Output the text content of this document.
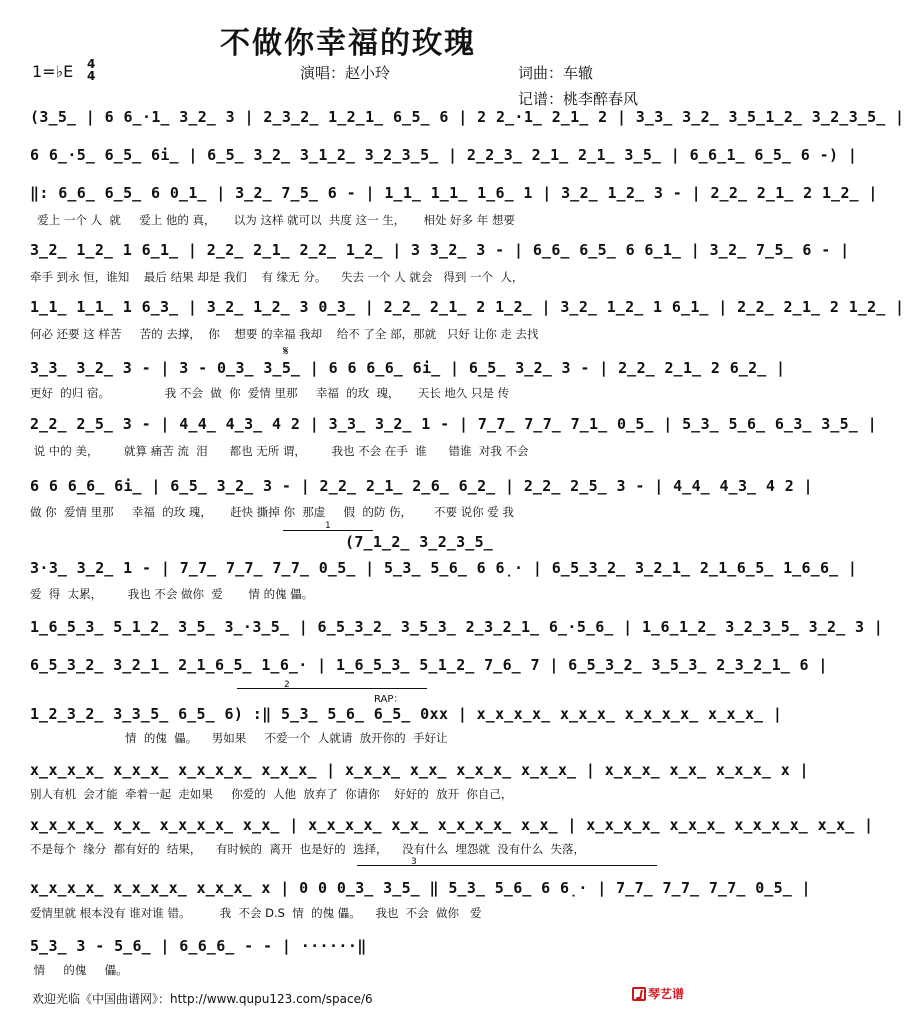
不做你幸福的玫瑰
1=♭E 4
4	演唱：赵小玲	词曲：车辙
记谱：桃李醉春风
(3̲5̲ | 6 6̲·1̲ 3̲2̲ 3 | 2̲3̲2̲ 1̲2̲1̲ 6̲5̲ 6 | 2 2̲·1̲ 2̲1̲ 2 | 3̲3̲ 3̲2̲ 3̲5̲1̲2̲ 3̲2̲3̲5̲ |
6 6̲·5̲ 6̲5̲ 6i̲ | 6̲5̲ 3̲2̲ 3̲1̲2̲ 3̲2̲3̲5̲ | 2̲2̲3̲ 2̲1̲ 2̲1̲ 3̲5̲ | 6̲6̲1̲ 6̲5̲ 6 -) |
‖: 6̲6̲ 6̲5̲ 6 0̲1̲ | 3̲2̲ 7̲5̲ 6 - | 1̲1̲ 1̲1̲ 1̲6̲ 1 | 3̲2̲ 1̲2̲ 3 - | 2̲2̲ 2̲1̲ 2 1̲2̲ |
爱上 一个 人  就     爱上 他的 真，     以为 这样 就可以  共度 这一 生，     相处 好多 年 想要
3̲2̲ 1̲2̲ 1 6̲1̲ | 2̲2̲ 2̲1̲ 2̲2̲ 1̲2̲ | 3 3̲2̲ 3 - | 6̲6̲ 6̲5̲ 6 6̲1̲ | 3̲2̲ 7̲5̲ 6 - |
牵手 到永 恒，谁知    最后 结果 却是 我们    有 缘无 分。    失去 一个 人 就会   得到 一个  人，
1̲1̲ 1̲1̲ 1 6̲3̲ | 3̲2̲ 1̲2̲ 3 0̲3̲ | 2̲2̲ 2̲1̲ 2 1̲2̲ | 3̲2̲ 1̲2̲ 1 6̲1̲ | 2̲2̲ 2̲1̲ 2 1̲2̲ |
何必 还要 这 样苦     苦的 去撑，  你    想要 的幸福 我却    给不 了全 部，那就   只好 让你 走 去找
𝄋
3̲3̲ 3̲2̲ 3 - | 3 - 0̲3̲ 3̲5̲ | 6 6 6̲6̲ 6i̲ | 6̲5̲ 3̲2̲ 3 - | 2̲2̲ 2̲1̲ 2 6̲2̲ |
更好  的归 宿。               我 不会  做  你  爱情 里那     幸福  的玫  瑰，     天长 地久 只是 传
2̲2̲ 2̲5̲ 3 - | 4̲4̲ 4̲3̲ 4 2 | 3̲3̲ 3̲2̲ 1 - | 7̲7̲ 7̲7̲ 7̲1̲ 0̲5̲ | 5̲3̲ 5̲6̲ 6̲3̲ 3̲5̲ |
说 中的 美，       就算 痛苦 流  泪      都也 无所 谓，       我也 不会 在手  谁      错谁  对我 不会
6 6 6̲6̲ 6i̲ | 6̲5̲ 3̲2̲ 3 - | 2̲2̲ 2̲1̲ 2̲6̲ 6̲2̲ | 2̲2̲ 2̲5̲ 3 - | 4̲4̲ 4̲3̲ 4 2 |
做 你  爱情 里那     幸福  的玫 瑰，     赶快 撕掉 你  那虚     假  的防 伤，      不要 说你 爱 我
1
(7̲1̲2̲ 3̲2̲3̲5̲
3·3̲ 3̲2̲ 1 - | 7̲7̲ 7̲7̲ 7̲7̲ 0̲5̲ | 5̲3̲ 5̲6̲ 6 6̣· | 6̲5̲3̲2̲ 3̲2̲1̲ 2̲1̲6̲5̲ 1̲6̲6̲ |
爱  得  太累，       我也 不会 做你  爱       情 的傀 儡。
1̲6̲5̲3̲ 5̲1̲2̲ 3̲5̲ 3̲·3̲5̲ | 6̲5̲3̲2̲ 3̲5̲3̲ 2̲3̲2̲1̲ 6̲·5̲6̲ | 1̲6̲1̲2̲ 3̲2̲3̲5̲ 3̲2̲ 3 |
6̲5̲3̲2̲ 3̲2̲1̲ 2̲1̲6̲5̲ 1̲6̲· | 1̲6̲5̲3̲ 5̲1̲2̲ 7̲6̲ 7 | 6̲5̲3̲2̲ 3̲5̲3̲ 2̲3̲2̲1̲ 6 |
2
RAP：
1̲2̲3̲2̲ 3̲3̲5̲ 6̲5̲ 6) :‖ 5̲3̲ 5̲6̲ 6̲5̲ 0xx | x̲x̲x̲x̲ x̲x̲x̲ x̲x̲x̲x̲ x̲x̲x̲ |
情  的傀  儡。    男如果     不爱一个  人就请  放开你的  手好让
x̲x̲x̲x̲ x̲x̲x̲ x̲x̲x̲x̲ x̲x̲x̲ | x̲x̲x̲ x̲x̲ x̲x̲x̲ x̲x̲x̲ | x̲x̲x̲ x̲x̲ x̲x̲x̲ x |
别人有机  会才能  牵着一起  走如果     你爱的  人他  放弃了  你请你    好好的  放开  你自己，
x̲x̲x̲x̲ x̲x̲ x̲x̲x̲x̲ x̲x̲ | x̲x̲x̲x̲ x̲x̲ x̲x̲x̲x̲ x̲x̲ | x̲x̲x̲x̲ x̲x̲x̲ x̲x̲x̲x̲ x̲x̲ |
不是每个  缘分  都有好的  结果，    有时候的  离开  也是好的  选择，    没有什么  埋怨就  没有什么  失落，
3
x̲x̲x̲x̲ x̲x̲x̲x̲ x̲x̲x̲ x | 0 0 0̲3̲ 3̲5̲ ‖ 5̲3̲ 5̲6̲ 6 6̣· | 7̲7̲ 7̲7̲ 7̲7̲ 0̲5̲ |
爱情里就 根本没有 谁对谁 错。        我  不会 D.S  情  的傀 儡。    我也  不会  做你   爱
5̲3̲ 3 - 5̲6̲ | 6̲6̲6̲ - - | ······‖
情     的傀     儡。
欢迎光临《中国曲谱网》：http://www.qupu123.com/space/6	琴艺谱
